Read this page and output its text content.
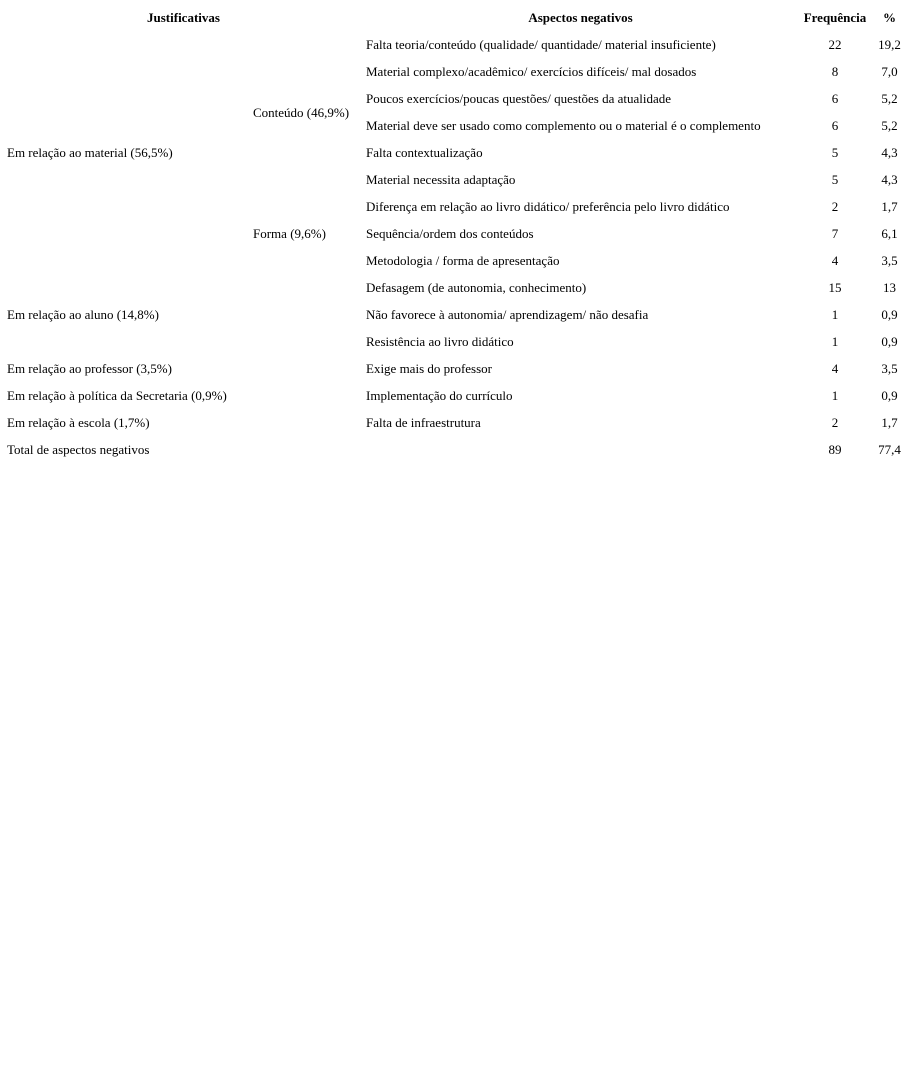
Justificativas		Aspectos negativos	Frequência	%
Em relação ao material (56,5%)	Conteúdo (46,9%)	Falta teoria/conteúdo (qualidade/ quantidade/ material insuficiente)	22	19,2
		Material complexo/acadêmico/ exercícios difíceis/ mal dosados	8	7,0
		Poucos exercícios/poucas questões/ questões da atualidade	6	5,2
		Material deve ser usado como complemento ou o material é o complemento	6	5,2
		Falta contextualização	5	4,3
		Material necessita adaptação	5	4,3
	Forma (9,6%)	Diferença em relação ao livro didático/ preferência pelo livro didático	2	1,7
		Sequência/ordem dos conteúdos	7	6,1
		Metodologia / forma de apresentação	4	3,5
Em relação ao aluno (14,8%)		Defasagem (de autonomia, conhecimento)	15	13
		Não favorece à autonomia/ aprendizagem/ não desafia	1	0,9
		Resistência ao livro didático	1	0,9
Em relação ao professor (3,5%)		Exige mais do professor	4	3,5
Em relação à política da Secretaria (0,9%)		Implementação do currículo	1	0,9
Em relação à escola (1,7%)		Falta de infraestrutura	2	1,7
Total de aspectos negativos			89	77,4
